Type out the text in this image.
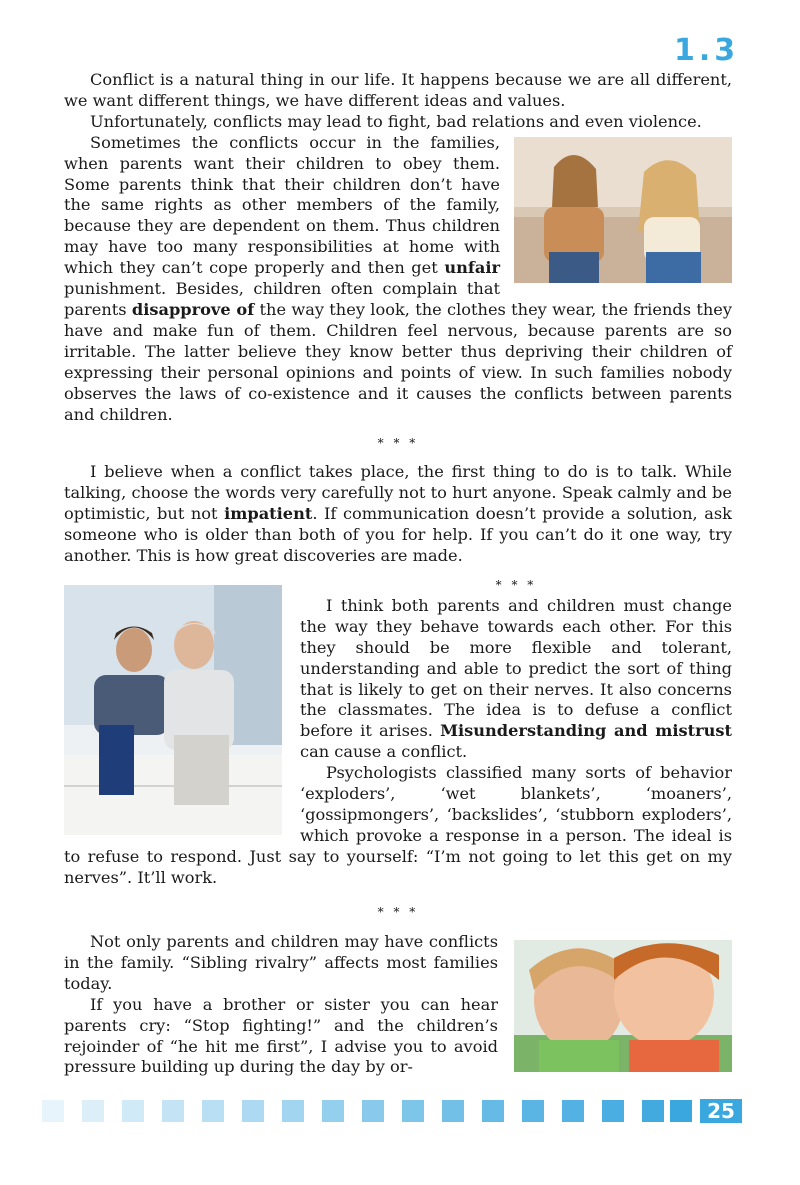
1.3

Conflict is a natural thing in our life. It happens because we are all different, we want different things, we have different ideas and values.

Unfortunately, conflicts may lead to fight, bad relations and even violence.

Sometimes the conflicts occur in the families, when parents want their children to obey them. Some parents think that their children don’t have the same rights as other members of the family, because they are dependent on them. Thus children may have too many responsibilities at home with which they can’t cope properly and then get unfair punishment. Besides, children often complain that parents disapprove of the way they look, the clothes they wear, the friends they have and make fun of them. Children feel nervous, because parents are so irritable. The latter believe they know better thus depriving their children of expressing their personal opinions and points of view. In such families nobody observes the laws of co-existence and it causes the conflicts between parents and children.

* * *

I believe when a conflict takes place, the first thing to do is to talk. While talking, choose the words very carefully not to hurt anyone. Speak calmly and be optimistic, but not impatient. If communication doesn’t provide a solution, ask someone who is older than both of you for help. If you can’t do it one way, try another. This is how great discoveries are made.

* * *

I think both parents and children must change the way they behave towards each other. For this they should be more flexible and tolerant, understanding and able to predict the sort of thing that is likely to get on their nerves. It also concerns the classmates. The idea is to defuse a conflict before it arises. Misunderstanding and mistrust can cause a conflict.

Psychologists classified many sorts of behavior ‘exploders’, ‘wet blankets’, ‘moaners’, ‘gossipmongers’, ‘backslides’, ‘stubborn exploders’, which provoke a response in a person. The ideal is to refuse to respond. Just say to yourself: “I’m not going to let this get on my nerves”. It’ll work.

* * *

Not only parents and children may have conflicts in the family. “Sibling rivalry” affects most families today.

If you have a brother or sister you can hear parents cry: “Stop fighting!” and the children’s rejoinder of “he hit me first”, I advise you to avoid pressure building up during the day by or-

25
